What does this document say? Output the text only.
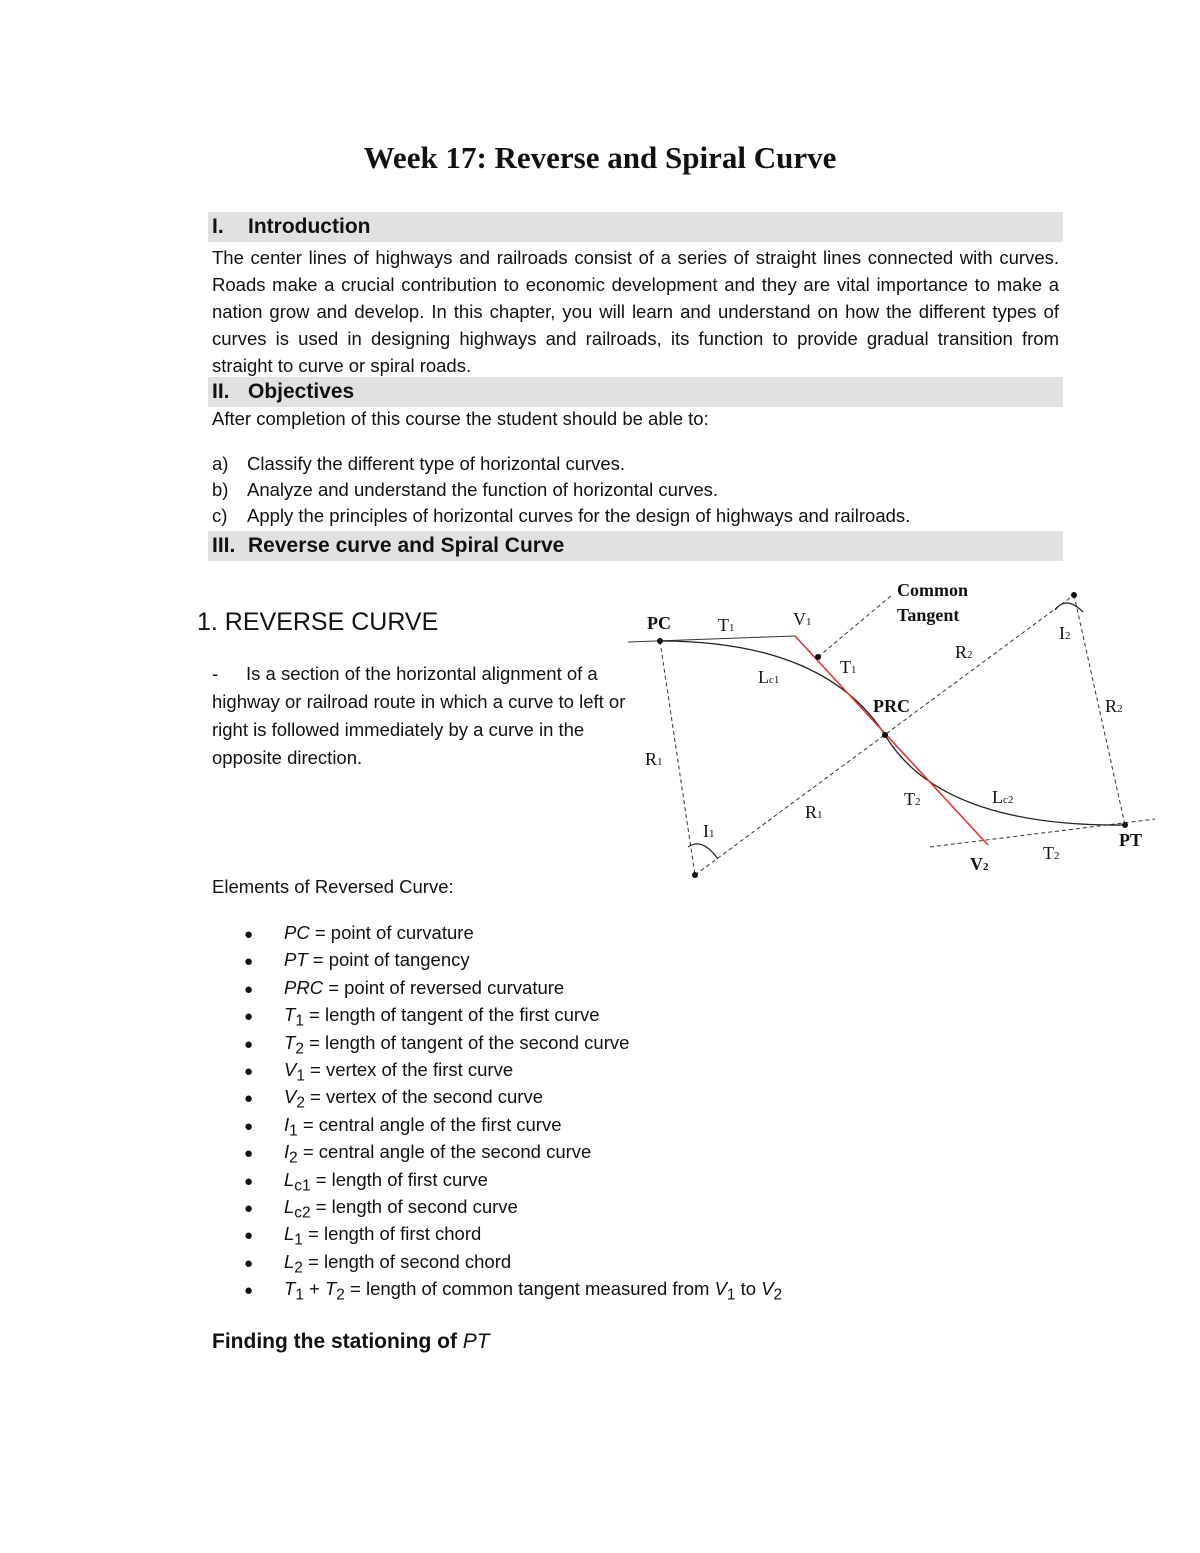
Week 17: Reverse and Spiral Curve
I. Introduction

The center lines of highways and railroads consist of a series of straight lines connected with curves. Roads make a crucial contribution to economic development and they are vital importance to make a nation grow and develop. In this chapter, you will learn and understand on how the different types of curves is used in designing highways and railroads, its function to provide gradual transition from straight to curve or spiral roads.

II. Objectives
After completion of this course the student should be able to:
a) Classify the different type of horizontal curves.
b) Analyze and understand the function of horizontal curves.
c) Apply the principles of horizontal curves for the design of highways and railroads.
III. Reverse curve and Spiral Curve
1. REVERSE CURVE

- Is a section of the horizontal alignment of a highway or railroad route in which a curve to left or right is followed immediately by a curve in the opposite direction.

PC	T1	V1
Common
Tangent
T1
Lc1
PRC
R2
I2
R2
R1
R1
I1
T2	Lc2
V2
T2
PT
Elements of Reversed Curve:
● PC = point of curvature
● PT = point of tangency
● PRC = point of reversed curvature
● $T_1$ = length of tangent of the first curve
● $T_2$ = length of tangent of the second curve
● $V_1$ = vertex of the first curve
● $V_2$ = vertex of the second curve
● $I_1$ = central angle of the first curve
● $I_2$ = central angle of the second curve
● $L_{c1}$ = length of first curve
● $L_{c2}$ = length of second curve
● $L_1$ = length of first chord
● $L_2$ = length of second chord
● $T_1 + T_2$ = length of common tangent measured from $V_1$ to $V_2$
Finding the stationing of PT
